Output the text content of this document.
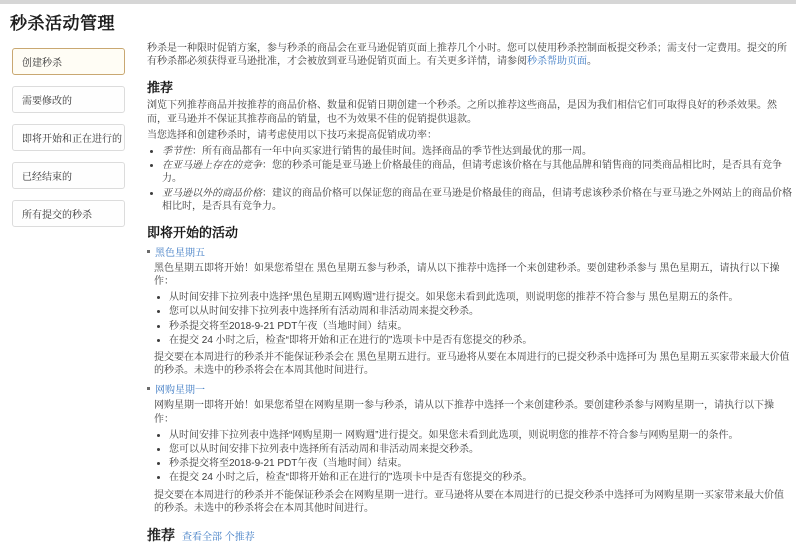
秒杀活动管理
创建秒杀
需要修改的
即将开始和正在进行的
已经结束的
所有提交的秒杀

秒杀是一种限时促销方案，参与秒杀的商品会在亚马逊促销页面上推荐几个小时。您可以使用秒杀控制面板提交秒杀；需支付一定费用。提交的所有秒杀都必须获得亚马逊批准，才会被放到亚马逊促销页面上。有关更多详情，请参阅秒杀帮助页面。

推荐

浏览下列推荐商品并按推荐的商品价格、数量和促销日期创建一个秒杀。之所以推荐这些商品，是因为我们相信它们可取得良好的秒杀效果。然而，亚马逊并不保证其推荐商品的销量，也不为效果不佳的促销提供退款。

当您选择和创建秒杀时，请考虑使用以下技巧来提高促销成功率：

• 季节性：所有商品都有一年中向买家进行销售的最佳时间。选择商品的季节性达到最优的那一周。
• 在亚马逊上存在的竞争：您的秒杀可能是亚马逊上价格最佳的商品，但请考虑该价格在与其他品牌和销售商的同类商品相比时，是否具有竞争力。
• 亚马逊以外的商品价格：建议的商品价格可以保证您的商品在亚马逊是价格最佳的商品，但请考虑该秒杀价格在与亚马逊之外网站上的商品价格相比时，是否具有竞争力。
即将开始的活动
黑色星期五

黑色星期五即将开始！如果您希望在 黑色星期五参与秒杀，请从以下推荐中选择一个来创建秒杀。要创建秒杀参与 黑色星期五，请执行以下操作：

• 从时间安排下拉列表中选择“黑色星期五网购週”进行提交。如果您未看到此选项，则说明您的推荐不符合参与 黑色星期五的条件。
• 您可以从时间安排下拉列表中选择所有活动周和非活动周来提交秒杀。
• 秒杀提交将至2018-9-21 PDT午夜（当地时间）结束。
• 在提交 24 小时之后，检查“即将开始和正在进行的”选项卡中是否有您提交的秒杀。

提交要在本周进行的秒杀并不能保证秒杀会在 黑色星期五进行。亚马逊将从要在本周进行的已提交秒杀中选择可为 黑色星期五买家带来最大价值的秒杀。未选中的秒杀将会在本周其他时间进行。

网购星期一

网购星期一即将开始！如果您希望在网购星期一参与秒杀，请从以下推荐中选择一个来创建秒杀。要创建秒杀参与网购星期一，请执行以下操作：

• 从时间安排下拉列表中选择“网购星期一 网购週”进行提交。如果您未看到此选项，则说明您的推荐不符合参与网购星期一的条件。
• 您可以从时间安排下拉列表中选择所有活动周和非活动周来提交秒杀。
• 秒杀提交将至2018-9-21 PDT午夜（当地时间）结束。
• 在提交 24 小时之后，检查“即将开始和正在进行的”选项卡中是否有您提交的秒杀。

提交要在本周进行的秒杀并不能保证秒杀会在网购星期一进行。亚马逊将从要在本周进行的已提交秒杀中选择可为网购星期一买家带来最大价值的秒杀。未选中的秒杀将会在本周其他时间进行。

推荐 查看全部 个推荐
